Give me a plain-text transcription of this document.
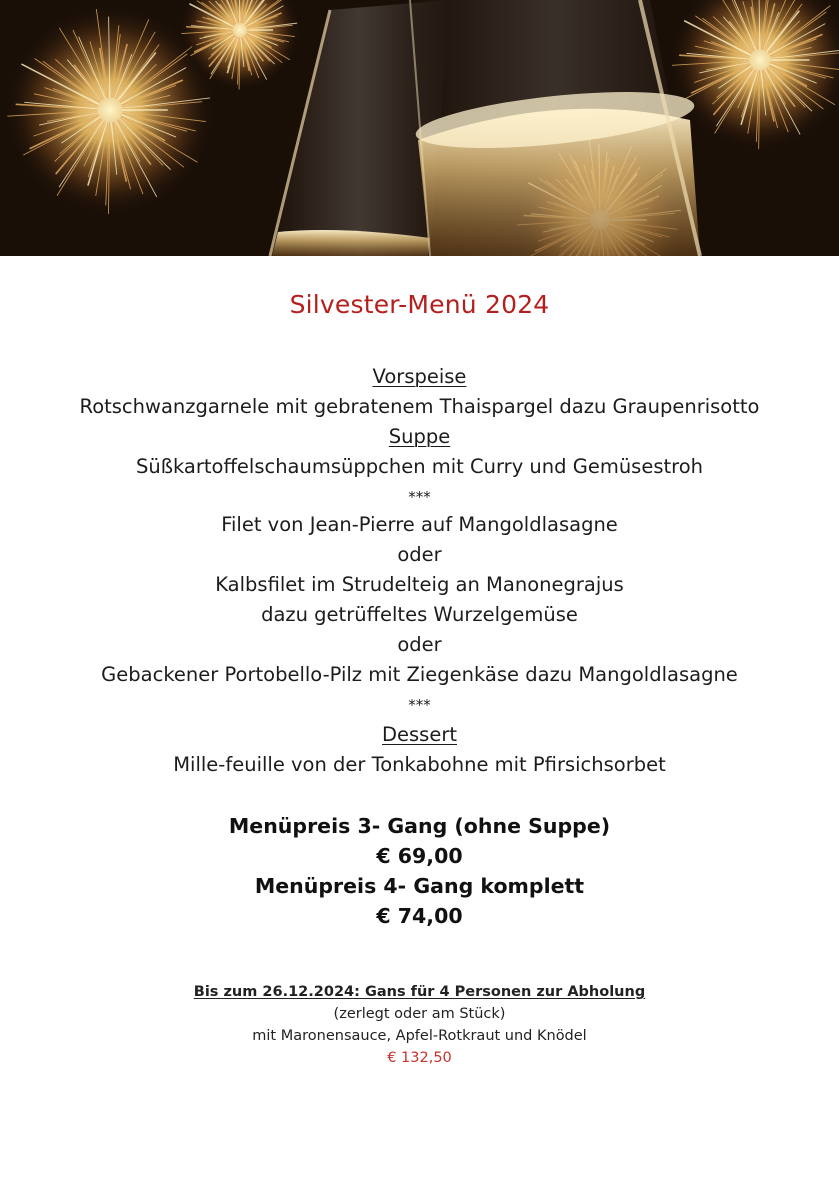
Silvester-Menü 2024
Vorspeise
Rotschwanzgarnele mit gebratenem Thaispargel dazu Graupenrisotto
Suppe
Süßkartoffelschaumsüppchen mit Curry und Gemüsestroh
***
Filet von Jean-Pierre auf Mangoldlasagne
oder
Kalbsfilet im Strudelteig an Manonegrajus
dazu getrüffeltes Wurzelgemüse
oder
Gebackener Portobello-Pilz mit Ziegenkäse dazu Mangoldlasagne
***
Dessert
Mille-feuille von der Tonkabohne mit Pfirsichsorbet
Menüpreis 3- Gang (ohne Suppe)
€ 69,00
Menüpreis 4- Gang komplett
€ 74,00
Bis zum 26.12.2024: Gans für 4 Personen zur Abholung
(zerlegt oder am Stück)
mit Maronensauce, Apfel-Rotkraut und Knödel
€ 132,50
